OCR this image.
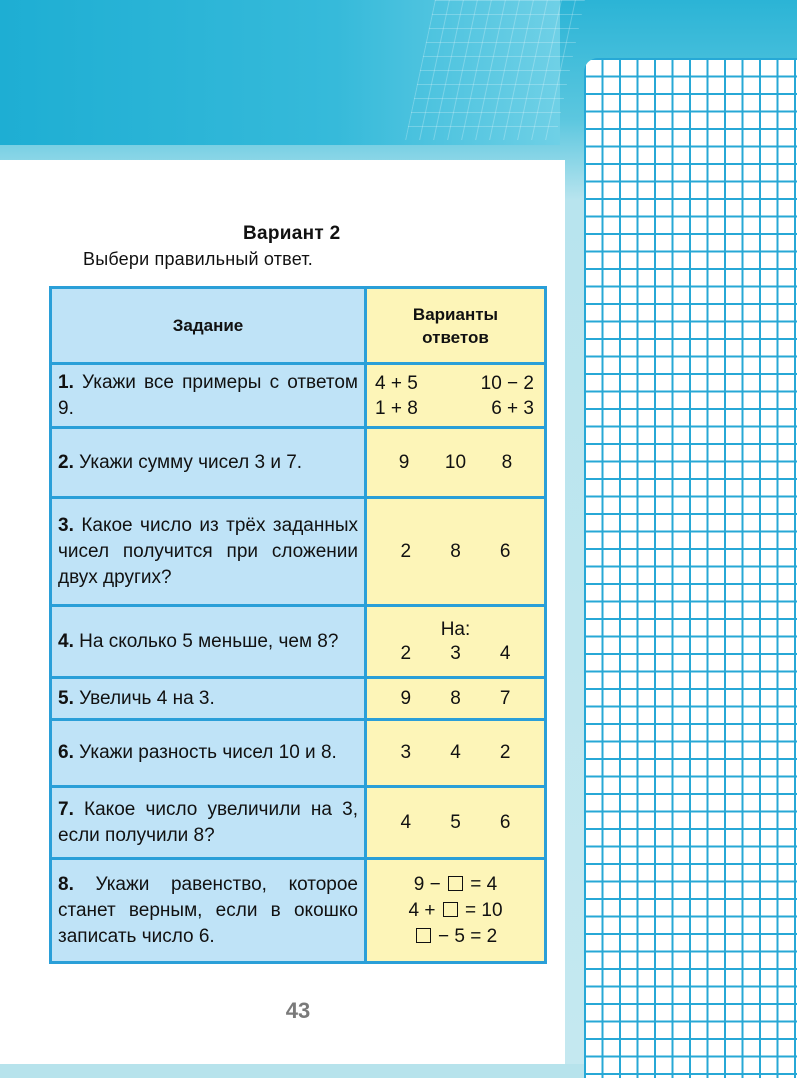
Вариант 2
Выбери правильный ответ.
Задание	Варианты
ответов

1. Укажи все примеры с ответом 9.	4 + 5 10 − 2
1 + 8 6 + 3

2. Укажи сумму чисел 3 и 7.	9 10 8

3. Какое число из трёх заданных чисел получится при сложении двух других?	2 8 6

4. На сколько 5 меньше, чем 8?	На:
2 3 4

5. Увеличь 4 на 3.	9 8 7

6. Укажи разность чисел 10 и 8.	3 4 2

7. Какое число увеличили на 3, если получили 8?	4 5 6

8. Укажи равенство, которое станет верным, если в окошко записать число 6.	9 −  = 4
4 +  = 10
− 5 = 2
43
